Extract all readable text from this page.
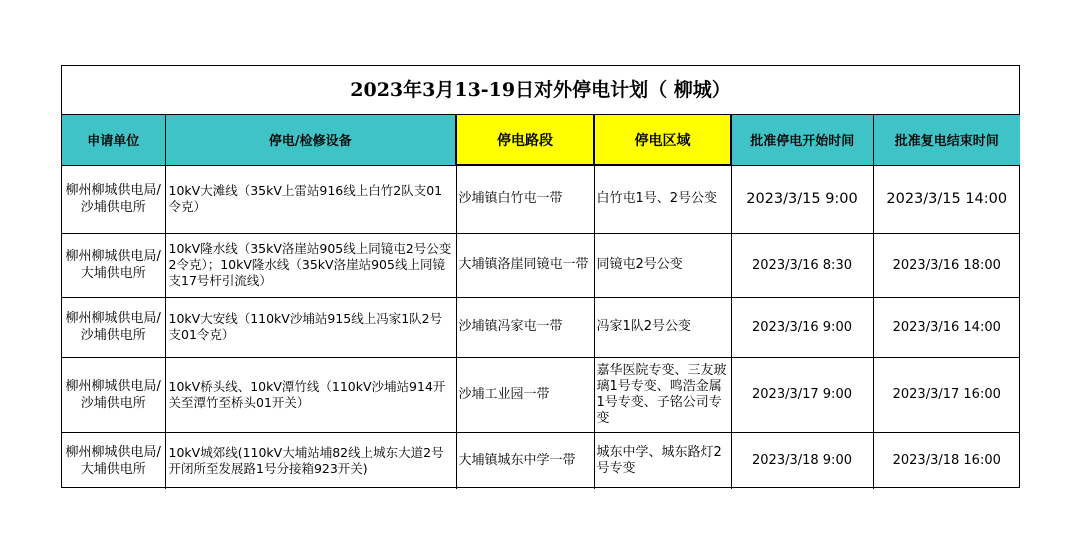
2023年3月13-19日对外停电计划（ 柳城）
申请单位	停电/检修设备	停电路段	停电区域	批准停电开始时间	批准复电结束时间
柳州柳城供电局/沙埔供电所	10kV大滩线（35kV上雷站916线上白竹2队支01令克）	沙埔镇白竹屯一带	白竹屯1号、2号公变	2023/3/15 9:00	2023/3/15 14:00
柳州柳城供电局/大埔供电所	10kV隆水线（35kV洛崖站905线上同镜屯2号公变2令克）；10kV隆水线（35kV洛崖站905线上同镜支17号杆引流线）	大埔镇洛崖同镜屯一带	同镜屯2号公变	2023/3/16 8:30	2023/3/16 18:00
柳州柳城供电局/沙埔供电所	10kV大安线（110kV沙埔站915线上冯家1队2号支01令克）	沙埔镇冯家屯一带	冯家1队2号公变	2023/3/16 9:00	2023/3/16 14:00
柳州柳城供电局/沙埔供电所	10kV桥头线、10kV潭竹线（110kV沙埔站914开关至潭竹至桥头01开关）	沙埔工业园一带	嘉华医院专变、三友玻璃1号专变、鸣浩金属1号专变、子铭公司专变	2023/3/17 9:00	2023/3/17 16:00
柳州柳城供电局/大埔供电所	10kV城郊线(110kV大埔站埔82线上城东大道2号开闭所至发展路1号分接箱923开关)	大埔镇城东中学一带	城东中学、城东路灯2号专变	2023/3/18 9:00	2023/3/18 16:00
